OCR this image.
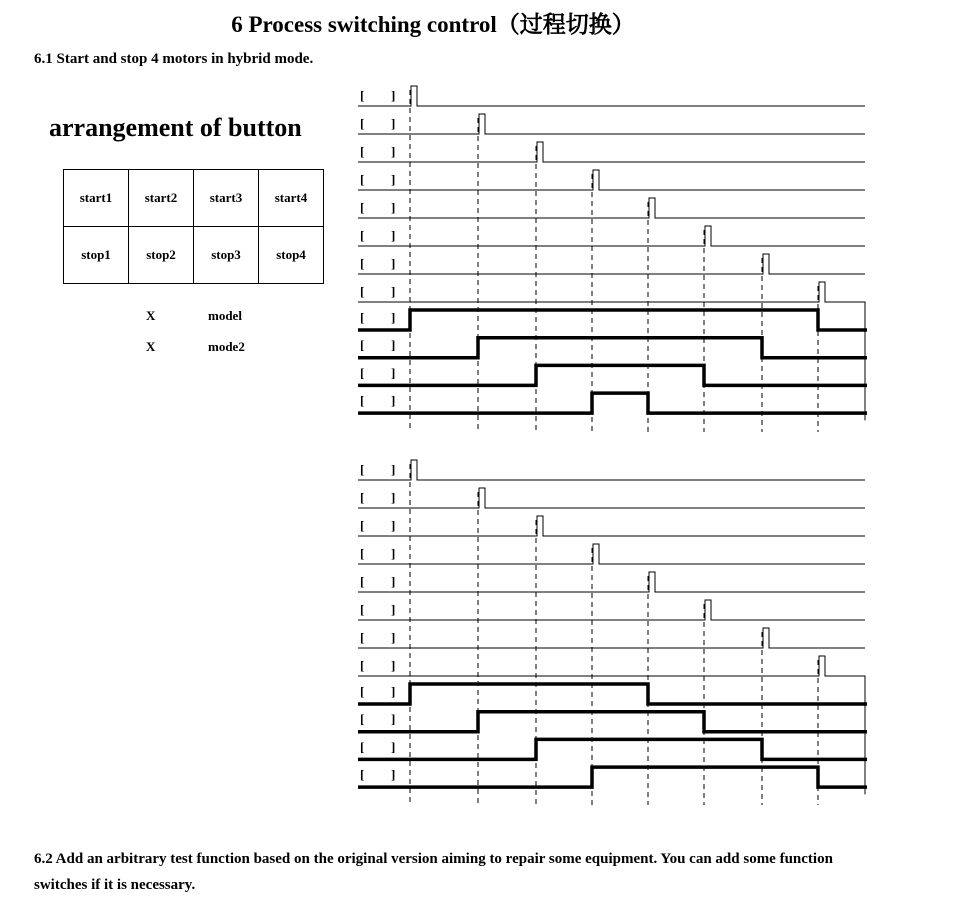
6 Process switching control（过程切换）
6.1 Start and stop 4 motors in hybrid mode.
arrangement of button
start1	start2	start3	start4
stop1	stop2	stop3	stop4
X	model
X	mode2
[ ]
[ ]
[ ]
[ ]
[ ]
[ ]
[ ]
[ ]
[ ]
[ ]
[ ]
[ ]
[ ]
[ ]
[ ]
[ ]
[ ]
[ ]
[ ]
[ ]
[ ]
[ ]
[ ]
[ ]
6.2 Add an arbitrary test function based on the original version aiming to repair some equipment. You can add some function switches if it is necessary.
